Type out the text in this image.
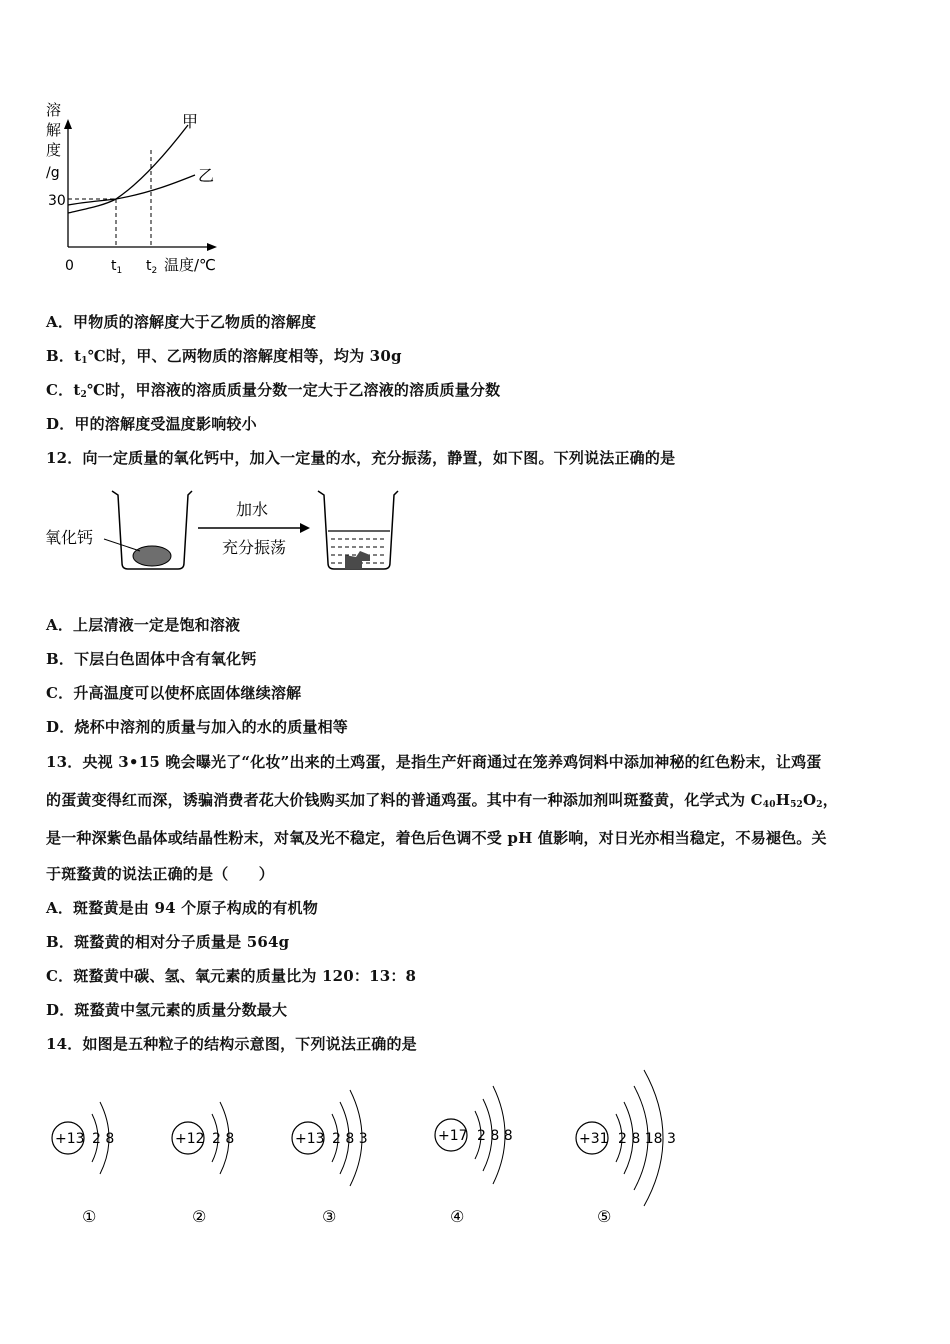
溶
解
度
/g
30
0	$t_1$ $t_2$ 温度/℃
甲
乙
A．甲物质的溶解度大于乙物质的溶解度
B．$t_1℃$时，甲、乙两物质的溶解度相等，均为 30g
C．$t_2℃$时，甲溶液的溶质质量分数一定大于乙溶液的溶质质量分数
D．甲的溶解度受温度影响较小
12．向一定质量的氧化钙中，加入一定量的水，充分振荡，静置，如下图。下列说法正确的是
氧化钙
加水
充分振荡
A．上层清液一定是饱和溶液
B．下层白色固体中含有氧化钙
C．升高温度可以使杯底固体继续溶解
D．烧杯中溶剂的质量与加入的水的质量相等
13．央视 3•15 晚会曝光了“化妆”出来的土鸡蛋，是指生产奸商通过在笼养鸡饲料中添加神秘的红色粉末，让鸡蛋
的蛋黄变得红而深，诱骗消费者花大价钱购买加了料的普通鸡蛋。其中有一种添加剂叫斑蝥黄，化学式为 $C_{40}H_{52}O_2$，
是一种深紫色晶体或结晶性粉末，对氧及光不稳定，着色后色调不受 pH 值影响，对日光亦相当稳定，不易褪色。关
于斑蝥黄的说法正确的是（　　）
A．斑蝥黄是由 94 个原子构成的有机物
B．斑蝥黄的相对分子质量是 564g
C．斑蝥黄中碳、氢、氧元素的质量比为 120：13：8
D．斑蝥黄中氢元素的质量分数最大
14．如图是五种粒子的结构示意图，下列说法正确的是
+13 2 8
①
+12 2 8
②
+13 2 8 3
③
+17 2 8 8
④
+31 2 8 18 3
⑤
